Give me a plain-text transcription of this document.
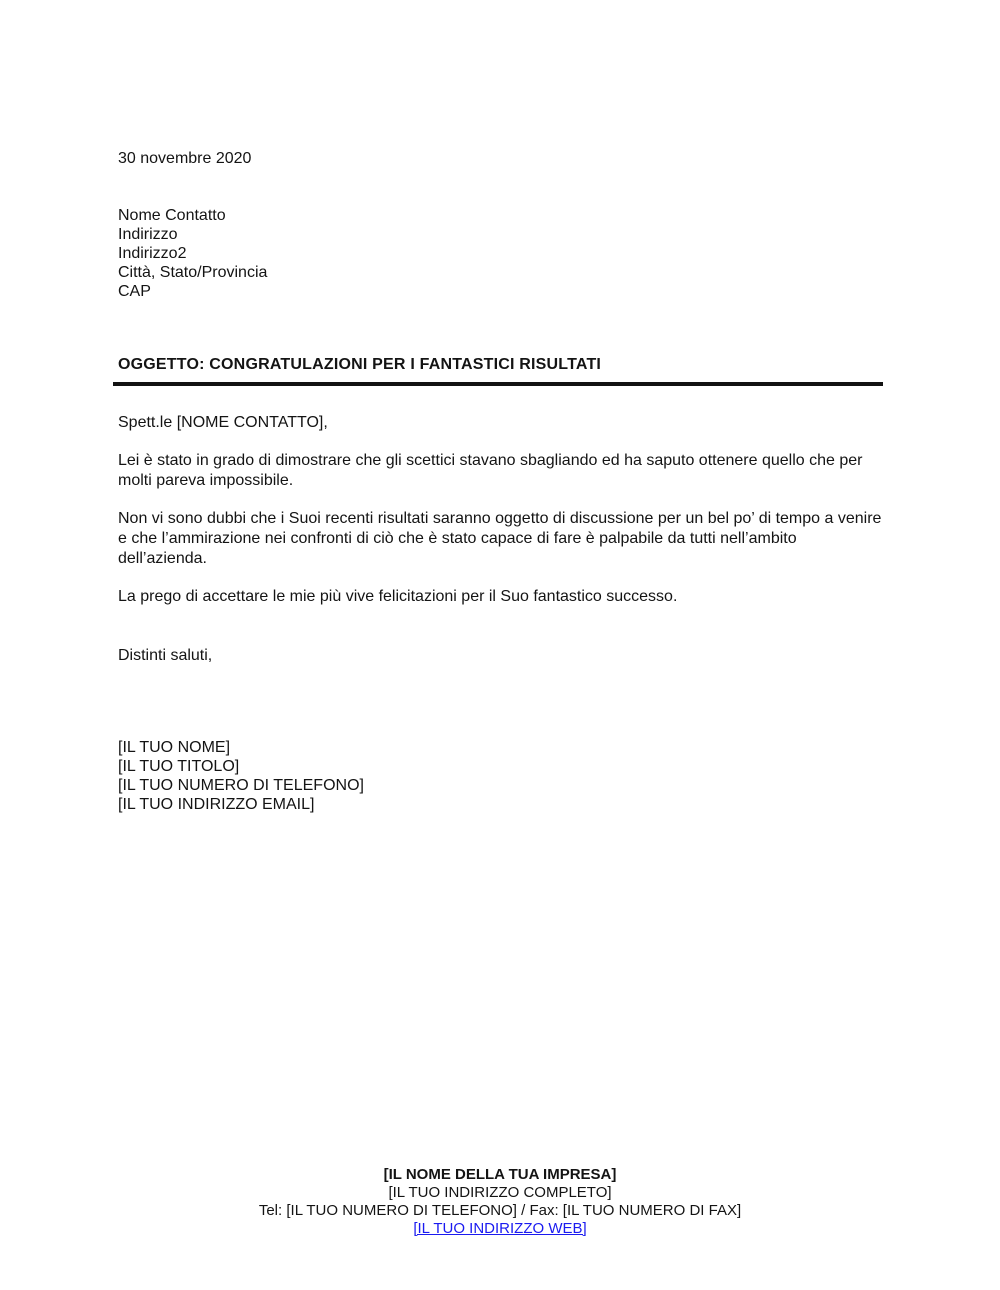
30 novembre 2020
Nome Contatto
Indirizzo
Indirizzo2
Città, Stato/Provincia
CAP
OGGETTO: CONGRATULAZIONI PER I FANTASTICI RISULTATI
Spett.le [NOME CONTATTO],

Lei è stato in grado di dimostrare che gli scettici stavano sbagliando ed ha saputo ottenere quello che per molti pareva impossibile.

Non vi sono dubbi che i Suoi recenti risultati saranno oggetto di discussione per un bel po’ di tempo a venire e che l’ammirazione nei confronti di ciò che è stato capace di fare è palpabile da tutti nell’ambito dell’azienda.

La prego di accettare le mie più vive felicitazioni per il Suo fantastico successo.

Distinti saluti,
[IL TUO NOME]
[IL TUO TITOLO]
[IL TUO NUMERO DI TELEFONO]
[IL TUO INDIRIZZO EMAIL]
[IL NOME DELLA TUA IMPRESA]
[IL TUO INDIRIZZO COMPLETO]
Tel: [IL TUO NUMERO DI TELEFONO] / Fax: [IL TUO NUMERO DI FAX]
[IL TUO INDIRIZZO WEB]
